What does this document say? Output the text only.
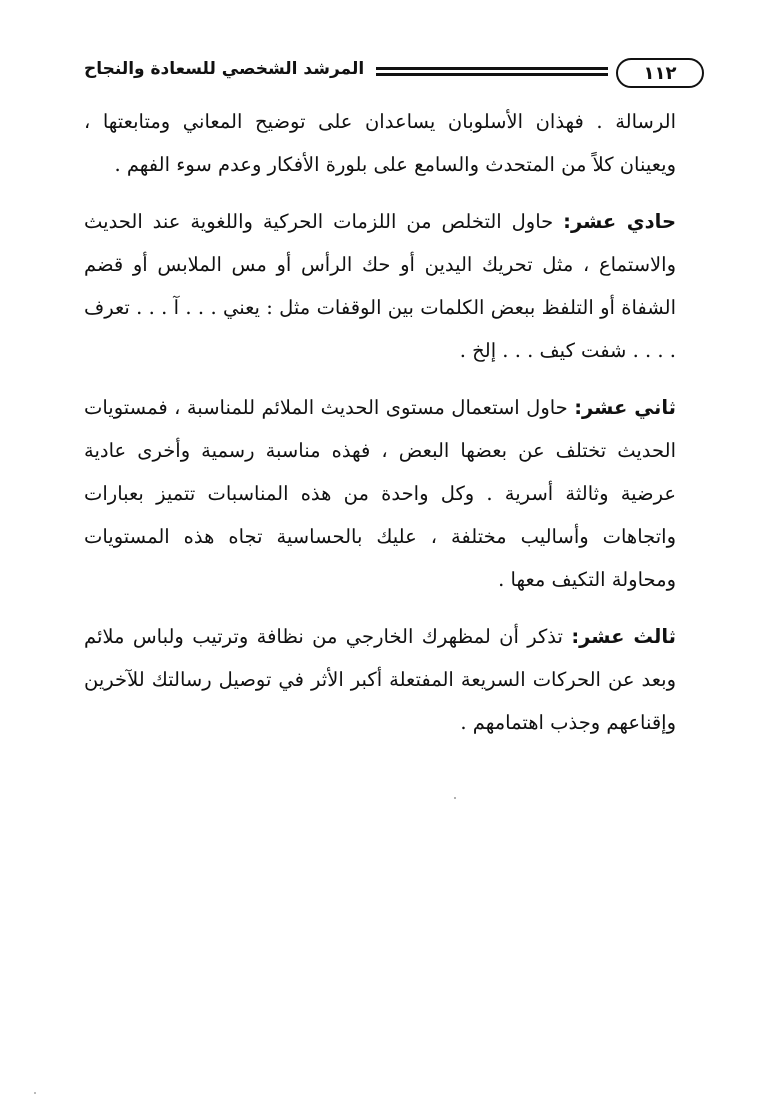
١١٢
المرشد الشخصي للسعادة والنجاح

الرسالة . فهذان الأسلوبان يساعدان على توضيح المعاني ومتابعتها ، ويعينان كلاً من المتحدث والسامع على بلورة الأفكار وعدم سوء الفهم .

حادي عشر: حاول التخلص من اللزمات الحركية واللغوية عند الحديث والاستماع ، مثل تحريك اليدين أو حك الرأس أو مس الملابس أو قضم الشفاة أو التلفظ ببعض الكلمات بين الوقفات مثل : يعني . . . آ . . . تعرف . . . . شفت كيف . . . إلخ .

ثاني عشر: حاول استعمال مستوى الحديث الملائم للمناسبة ، فمستويات الحديث تختلف عن بعضها البعض ، فهذه مناسبة رسمية وأخرى عادية عرضية وثالثة أسرية . وكل واحدة من هذه المناسبات تتميز بعبارات واتجاهات وأساليب مختلفة ، عليك بالحساسية تجاه هذه المستويات ومحاولة التكيف معها .

ثالث عشر: تذكر أن لمظهرك الخارجي من نظافة وترتيب ولباس ملائم وبعد عن الحركات السريعة المفتعلة أكبر الأثر في توصيل رسالتك للآخرين وإقناعهم وجذب اهتمامهم .
